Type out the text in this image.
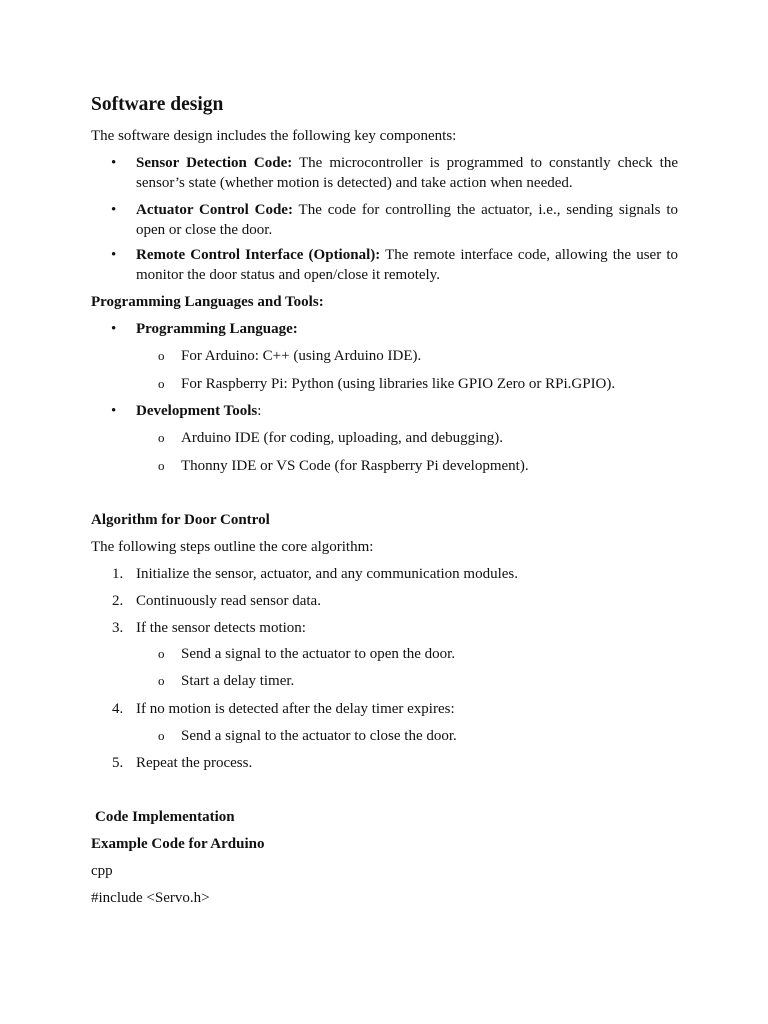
Software design
The software design includes the following key components:
• Sensor Detection Code: The microcontroller is programmed to constantly check the sensor’s state (whether motion is detected) and take action when needed.
• Actuator Control Code: The code for controlling the actuator, i.e., sending signals to open or close the door.
• Remote Control Interface (Optional): The remote interface code, allowing the user to monitor the door status and open/close it remotely.
Programming Languages and Tools:
• Programming Language:
o For Arduino: C++ (using Arduino IDE).
o For Raspberry Pi: Python (using libraries like GPIO Zero or RPi.GPIO).
• Development Tools:
o Arduino IDE (for coding, uploading, and debugging).
o Thonny IDE or VS Code (for Raspberry Pi development).
Algorithm for Door Control
The following steps outline the core algorithm:
1. Initialize the sensor, actuator, and any communication modules.
2. Continuously read sensor data.
3. If the sensor detects motion:
o Send a signal to the actuator to open the door.
o Start a delay timer.
4. If no motion is detected after the delay timer expires:
o Send a signal to the actuator to close the door.
5. Repeat the process.
Code Implementation
Example Code for Arduino
cpp
#include <Servo.h>
